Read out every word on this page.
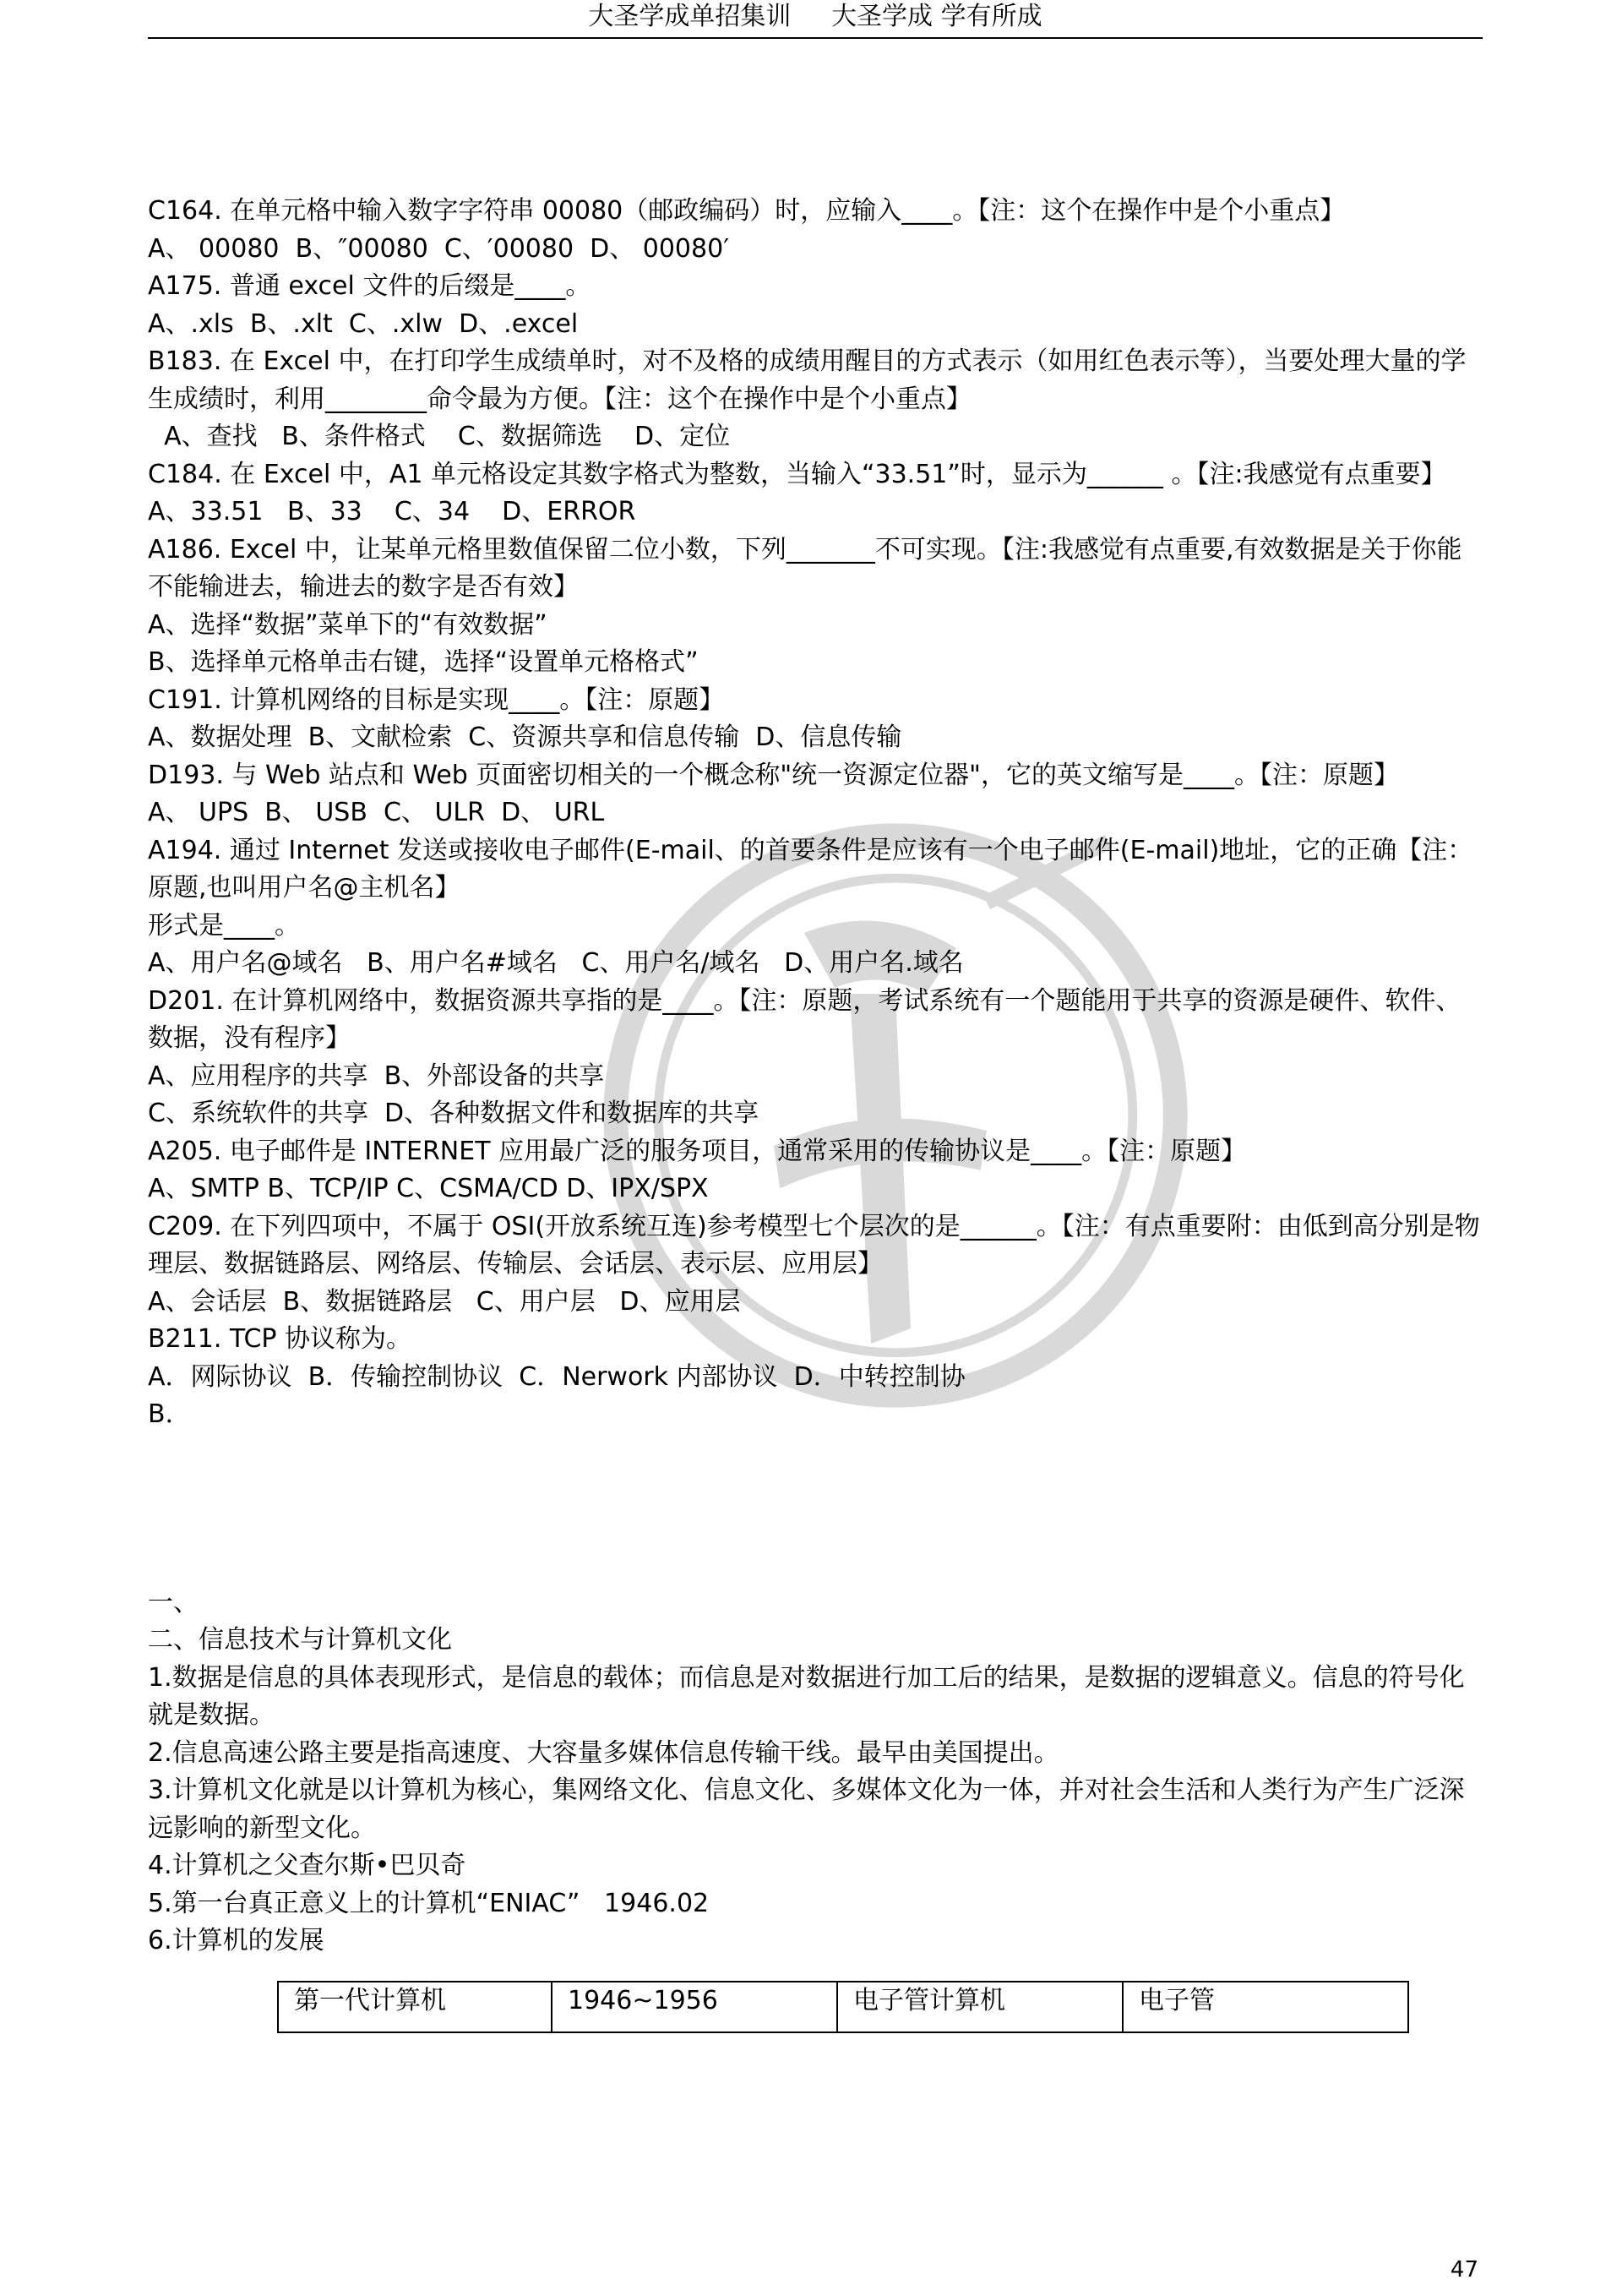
大圣学成单招集训 大圣学成 学有所成

C164. 在单元格中输入数字字符串 00080（邮政编码）时，应输入____。【注：这个在操作中是个小重点】

A、 00080  B、″00080  C、′00080  D、 00080′

A175. 普通 excel 文件的后缀是____。

A、.xls  B、.xlt  C、.xlw  D、.excel

B183. 在 Excel 中，在打印学生成绩单时，对不及格的成绩用醒目的方式表示（如用红色表示等），当要处理大量的学生成绩时，利用________命令最为方便。【注：这个在操作中是个小重点】

A、查找   B、条件格式    C、数据筛选    D、定位

C184. 在 Excel 中，A1 单元格设定其数字格式为整数，当输入“33.51”时，显示为______ 。【注:我感觉有点重要】

A、33.51   B、33    C、34    D、ERROR

A186. Excel 中，让某单元格里数值保留二位小数，下列_______不可实现。【注:我感觉有点重要,有效数据是关于你能不能输进去，输进去的数字是否有效】

A、选择“数据”菜单下的“有效数据”

B、选择单元格单击右键，选择“设置单元格格式”

C191. 计算机网络的目标是实现____。【注：原题】

A、数据处理  B、文献检索  C、资源共享和信息传输  D、信息传输

D193. 与 Web 站点和 Web 页面密切相关的一个概念称"统一资源定位器"，它的英文缩写是____。【注：原题】

A、 UPS  B、 USB  C、 ULR  D、 URL

A194. 通过 Internet 发送或接收电子邮件(E-mail、的首要条件是应该有一个电子邮件(E-mail)地址，它的正确【注：原题,也叫用户名@主机名】

形式是____。

A、用户名@域名   B、用户名#域名   C、用户名/域名   D、用户名.域名

D201. 在计算机网络中，数据资源共享指的是____。【注：原题，考试系统有一个题能用于共享的资源是硬件、软件、数据，没有程序】

A、应用程序的共享  B、外部设备的共享

C、系统软件的共享  D、各种数据文件和数据库的共享

A205. 电子邮件是 INTERNET 应用最广泛的服务项目，通常采用的传输协议是____。【注：原题】

A、SMTP B、TCP/IP C、CSMA/CD D、IPX/SPX

C209. 在下列四项中，不属于 OSI(开放系统互连)参考模型七个层次的是______。【注：有点重要附：由低到高分别是物理层、数据链路层、网络层、传输层、会话层、表示层、应用层】

A、会话层  B、数据链路层   C、用户层   D、应用层

B211. TCP 协议称为。

A．网际协议  B．传输控制协议  C．Nerwork 内部协议  D．中转控制协

B．

一、

二、信息技术与计算机文化

1.数据是信息的具体表现形式，是信息的载体；而信息是对数据进行加工后的结果，是数据的逻辑意义。信息的符号化就是数据。

2.信息高速公路主要是指高速度、大容量多媒体信息传输干线。最早由美国提出。

3.计算机文化就是以计算机为核心，集网络文化、信息文化、多媒体文化为一体，并对社会生活和人类行为产生广泛深远影响的新型文化。

4.计算机之父查尔斯•巴贝奇

5.第一台真正意义上的计算机“ENIAC”   1946.02

6.计算机的发展

第一代计算机	1946~1956	电子管计算机	电子管
47
